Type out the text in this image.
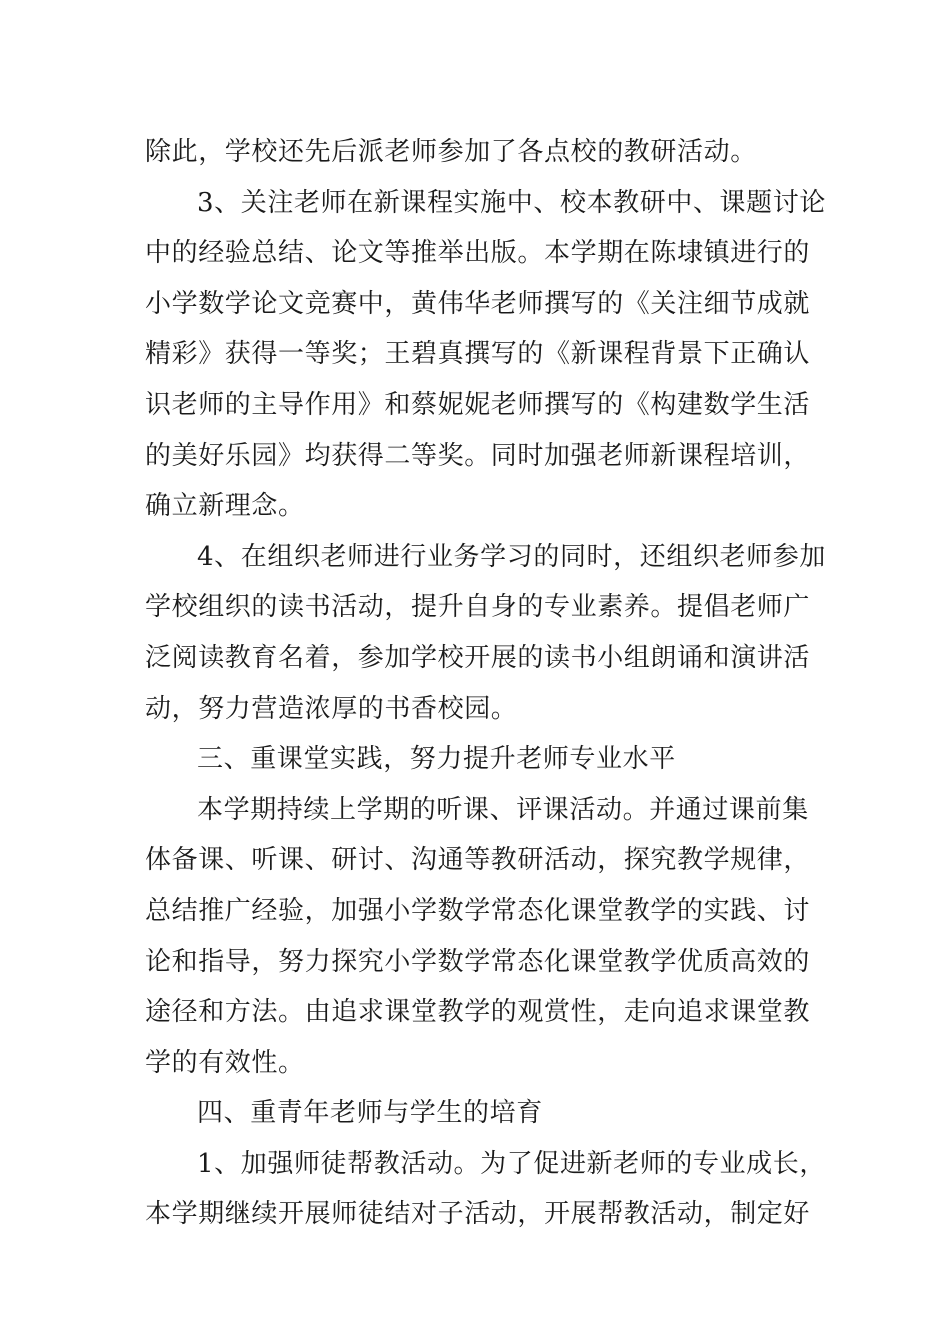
除此，学校还先后派老师参加了各点校的教研活动。
3、关注老师在新课程实施中、校本教研中、课题讨论
中的经验总结、论文等推举出版。本学期在陈埭镇进行的
小学数学论文竞赛中，黄伟华老师撰写的《关注细节成就
精彩》获得一等奖；王碧真撰写的《新课程背景下正确认
识老师的主导作用》和蔡妮妮老师撰写的《构建数学生活
的美好乐园》均获得二等奖。同时加强老师新课程培训，
确立新理念。
4、在组织老师进行业务学习的同时，还组织老师参加
学校组织的读书活动，提升自身的专业素养。提倡老师广
泛阅读教育名着，参加学校开展的读书小组朗诵和演讲活
动，努力营造浓厚的书香校园。
三、重课堂实践，努力提升老师专业水平
本学期持续上学期的听课、评课活动。并通过课前集
体备课、听课、研讨、沟通等教研活动，探究教学规律，
总结推广经验，加强小学数学常态化课堂教学的实践、讨
论和指导，努力探究小学数学常态化课堂教学优质高效的
途径和方法。由追求课堂教学的观赏性，走向追求课堂教
学的有效性。
四、重青年老师与学生的培育
1、加强师徒帮教活动。为了促进新老师的专业成长，
本学期继续开展师徒结对子活动，开展帮教活动，制定好
